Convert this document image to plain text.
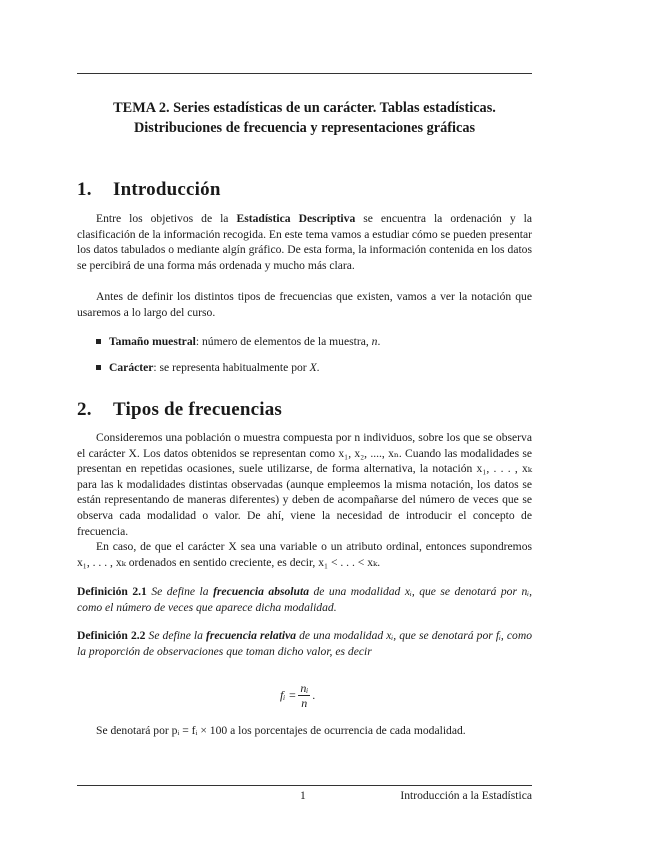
TEMA 2. Series estadísticas de un carácter. Tablas estadísticas. Distribuciones de frecuencia y representaciones gráficas
1. Introducción
Entre los objetivos de la Estadística Descriptiva se encuentra la ordenación y la clasificación de la información recogida. En este tema vamos a estudiar cómo se pueden presentar los datos tabulados o mediante algín gráfico. De esta forma, la información contenida en los datos se percibirá de una forma más ordenada y mucho más clara.
Antes de definir los distintos tipos de frecuencias que existen, vamos a ver la notación que usaremos a lo largo del curso.
Tamaño muestral: número de elementos de la muestra, n.
Carácter: se representa habitualmente por X.
2. Tipos de frecuencias
Consideremos una población o muestra compuesta por n individuos, sobre los que se observa el carácter X. Los datos obtenidos se representan como x₁, x₂, ...., xₙ. Cuando las modalidades se presentan en repetidas ocasiones, suele utilizarse, de forma alternativa, la notación x₁, . . . , xₖ para las k modalidades distintas observadas (aunque empleemos la misma notación, los datos se están representando de maneras diferentes) y deben de acompañarse del número de veces que se observa cada modalidad o valor. De ahí, viene la necesidad de introducir el concepto de frecuencia.
En caso, de que el carácter X sea una variable o un atributo ordinal, entonces supondremos x₁, . . . , xₖ ordenados en sentido creciente, es decir, x₁ < . . . < xₖ.
Definición 2.1 Se define la frecuencia absoluta de una modalidad xᵢ, que se denotará por nᵢ, como el número de veces que aparece dicha modalidad.
Definición 2.2 Se define la frecuencia relativa de una modalidad xᵢ, que se denotará por fᵢ, como la proporción de observaciones que toman dicho valor, es decir
fᵢ = $\frac{\text{nᵢ}}{n}$ .
Se denotará por pᵢ = fᵢ × 100 a los porcentajes de ocurrencia de cada modalidad.
1	Introducción a la Estadística
